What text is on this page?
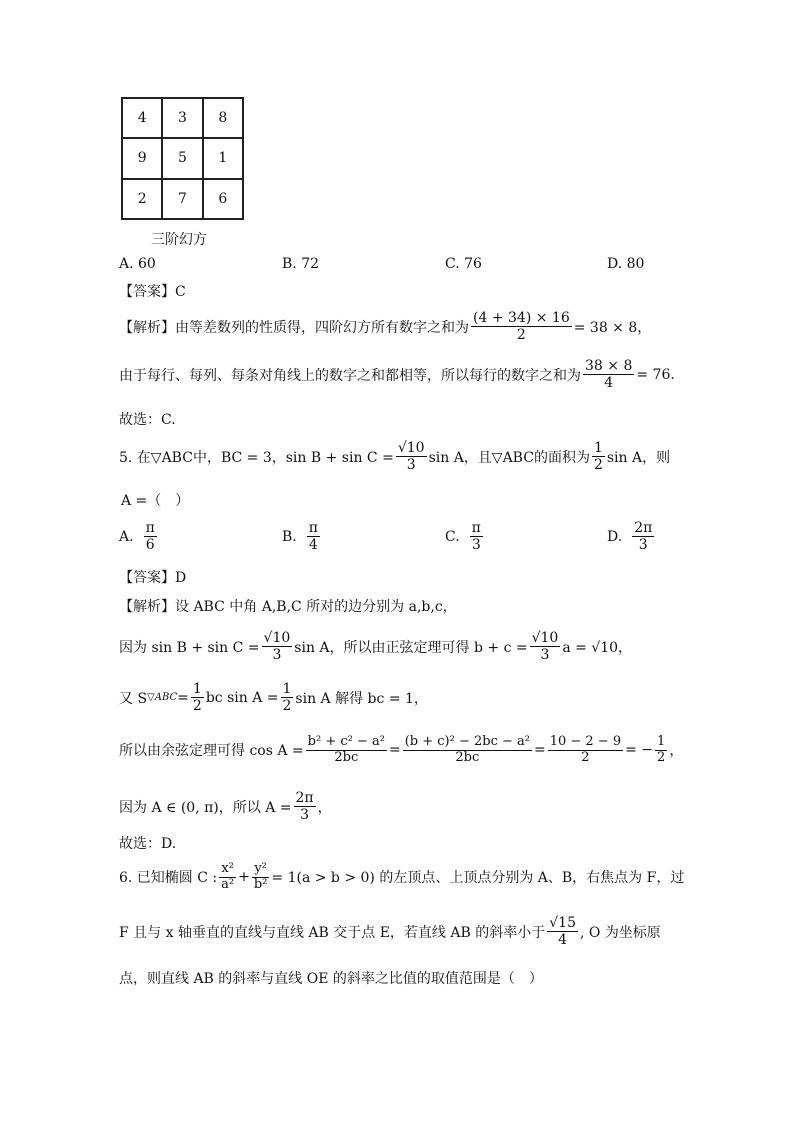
4	3	8
9	5	1
2	7	6
三阶幻方
A. 60	B. 72	C. 76	D. 80
【答案】C
【解析】 由等差数列的性质得，四阶幻方所有数字之和为 $\frac{(4 + 34) \times 16}{2} = 38 \times 8$，
由于每行、每列、每条对角线上的数字之和都相等，所以每行的数字之和为 $\frac{38 \times 8}{4} = 76$.
故选：C.
5. 在▽ABC中，BC = 3，$\sin B + \sin C = \frac{√10}{3}$ sin A，且▽ABC的面积为 $\frac{1}{2}$ sin A，则
A =（　）
A. $\frac{\pi}{6}$	B. $\frac{\pi}{4}$	C. $\frac{\pi}{3}$	D. $\frac{2\pi}{3}$
【答案】D
【解析】设 ABC 中角 A,B,C 所对的边分别为 a,b,c，
因为 $\sin B + \sin C = \frac{√10}{3}$ sin A，所以由正弦定理可得 $b + c = \frac{√10}{3}$ a = √10，
又 S ▽ABC = $\frac{1}{2}$ bc $\sin A = \frac{1}{2}$ sin A 解得 bc = 1，
所以由余弦定理可得 $\cos A = \frac{\text{b² + c² − a²}}{2bc} = \frac{\text{(b + c)² − 2bc − a²}}{2bc} = \frac{10 - 2 - 9}{2}$ = − $\frac{1}{2}$ ，
因为 A ∈ (0, π)，所以 $A = \frac{2\pi}{3}$ ，
故选：D.
6. 已知椭圆 C : $\frac{\text{x²}}{\text{a²}} + \frac{\text{y²}}{\text{b²}} = 1(a > b > 0)$ 的左顶点、上顶点分别为 A、B，右焦点为 F，过
F 且与 x 轴垂直的直线与直线 AB 交于点 E，若直线 AB 的斜率小于 $\frac{√15}{4}$ , O 为坐标原
点，则直线 AB 的斜率与直线 OE 的斜率之比值的取值范围是（　）
